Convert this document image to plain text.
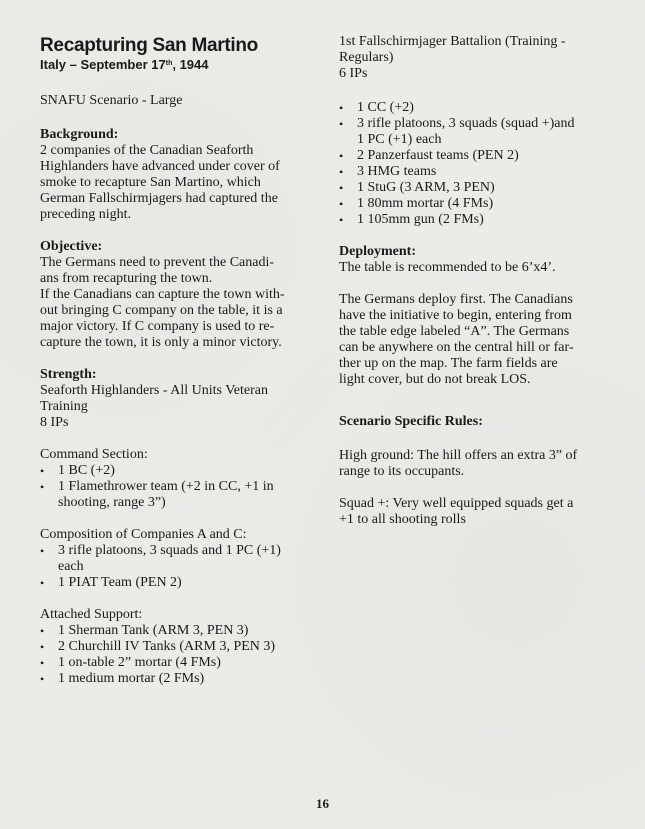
Recapturing San Martino
Italy – September 17th, 1944

SNAFU Scenario - Large

Background:

2 companies of the Canadian Seaforth
Highlanders have advanced under cover of
smoke to recapture San Martino, which
German Fallschirmjagers had captured the
preceding night.

Objective:

The Germans need to prevent the Canadi-
ans from recapturing the town.
If the Canadians can capture the town with-
out bringing C company on the table, it is a
major victory. If C company is used to re-
capture the town, it is only a minor victory.

Strength:

Seaforth Highlanders - All Units Veteran
Training
8 IPs
Command Section:
• 1 BC (+2)
• 1 Flamethrower team (+2 in CC, +1 in
shooting, range 3”)
Composition of Companies A and C:
• 3 rifle platoons, 3 squads and 1 PC (+1)
each
• 1 PIAT Team (PEN 2)
Attached Support:
• 1 Sherman Tank (ARM 3, PEN 3)
• 2 Churchill IV Tanks (ARM 3, PEN 3)
• 1 on-table 2” mortar (4 FMs)
• 1 medium mortar (2 FMs)
1st Fallschirmjager Battalion (Training -
Regulars)
6 IPs
• 1 CC (+2)
• 3 rifle platoons, 3 squads (squad +)and
1 PC (+1) each
• 2 Panzerfaust teams (PEN 2)
• 3 HMG teams
• 1 StuG (3 ARM, 3 PEN)
• 1 80mm mortar (4 FMs)
• 1 105mm gun (2 FMs)

Deployment:

The table is recommended to be 6’x4’.
The Germans deploy first. The Canadians
have the initiative to begin, entering from
the table edge labeled “A”. The Germans
can be anywhere on the central hill or far-
ther up on the map. The farm fields are
light cover, but do not break LOS.

Scenario Specific Rules:

High ground: The hill offers an extra 3” of
range to its occupants.
Squad +: Very well equipped squads get a
+1 to all shooting rolls
16
